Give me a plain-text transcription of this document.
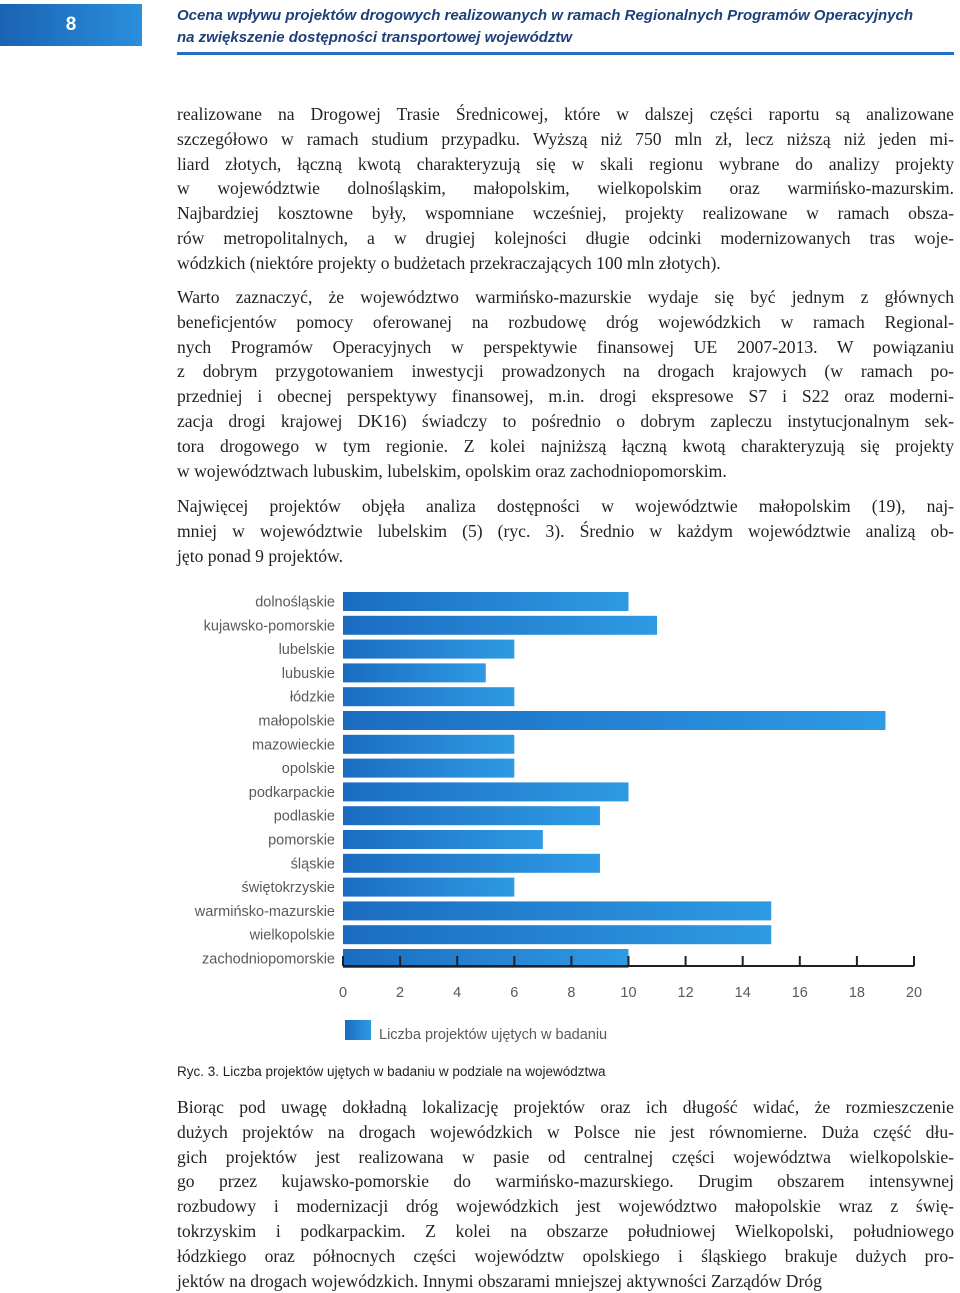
8	Ocena wpływu projektów drogowych realizowanych w ramach Regionalnych Programów Operacyjnych
na zwiększenie dostępności transportowej województw
realizowane na Drogowej Trasie Średnicowej, które w dalszej części raportu są analizowane
szczegółowo w ramach studium przypadku. Wyższą niż 750 mln zł, lecz niższą niż jeden mi-
liard złotych, łączną kwotą charakteryzują się w skali regionu wybrane do analizy projekty
w województwie dolnośląskim, małopolskim, wielkopolskim oraz warmińsko-mazurskim.
Najbardziej kosztowne były, wspomniane wcześniej, projekty realizowane w ramach obsza-
rów metropolitalnych, a w drugiej kolejności długie odcinki modernizowanych tras woje-
wódzkich (niektóre projekty o budżetach przekraczających 100 mln złotych).
Warto zaznaczyć, że województwo warmińsko-mazurskie wydaje się być jednym z głównych
beneficjentów pomocy oferowanej na rozbudowę dróg wojewódzkich w ramach Regional-
nych Programów Operacyjnych w perspektywie finansowej UE 2007-2013. W powiązaniu
z dobrym przygotowaniem inwestycji prowadzonych na drogach krajowych (w ramach po-
przedniej i obecnej perspektywy finansowej, m.in. drogi ekspresowe S7 i S22 oraz moderni-
zacja drogi krajowej DK16) świadczy to pośrednio o dobrym zapleczu instytucjonalnym sek-
tora drogowego w tym regionie. Z kolei najniższą łączną kwotą charakteryzują się projekty
w województwach lubuskim, lubelskim, opolskim oraz zachodniopomorskim.
Najwięcej projektów objęła analiza dostępności w województwie małopolskim (19), naj-
mniej w województwie lubelskim (5) (ryc. 3). Średnio w każdym województwie analizą ob-
jęto ponad 9 projektów.
dolnośląskie
kujawsko-pomorskie
lubelskie
lubuskie
łódzkie
małopolskie
mazowieckie
opolskie
podkarpackie
podlaskie
pomorskie
śląskie
świętokrzyskie
warmińsko-mazurskie
wielkopolskie
zachodniopomorskie
0	2	4	6	8	10	12	14	16	18	20
Liczba projektów ujętych w badaniu
Ryc. 3. Liczba projektów ujętych w badaniu w podziale na województwa
Biorąc pod uwagę dokładną lokalizację projektów oraz ich długość widać, że rozmieszczenie
dużych projektów na drogach wojewódzkich w Polsce nie jest równomierne. Duża część dłu-
gich projektów jest realizowana w pasie od centralnej części województwa wielkopolskie-
go przez kujawsko-pomorskie do warmińsko-mazurskiego. Drugim obszarem intensywnej
rozbudowy i modernizacji dróg wojewódzkich jest województwo małopolskie wraz z świę-
tokrzyskim i podkarpackim. Z kolei na obszarze południowej Wielkopolski, południowego
łódzkiego oraz północnych części województw opolskiego i śląskiego brakuje dużych pro-
jektów na drogach wojewódzkich. Innymi obszarami mniejszej aktywności Zarządów Dróg
